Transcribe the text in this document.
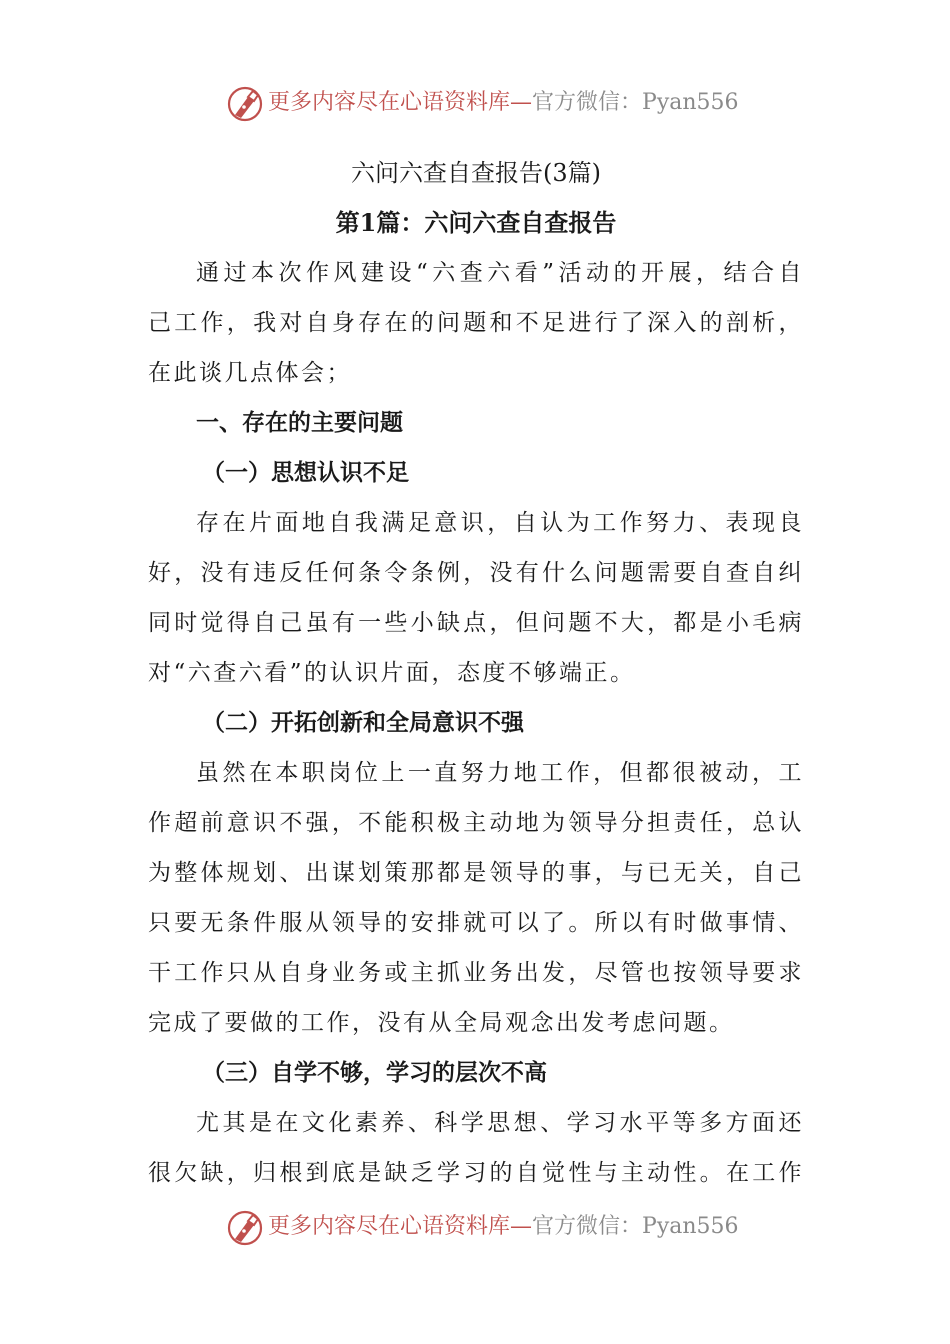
更多内容尽在心语资料库—官方微信：Pyan556
六问六查自查报告(3篇)
第1篇：六问六查自查报告
通过本次作风建设“六查六看”活动的开展，结合自
己工作，我对自身存在的问题和不足进行了深入的剖析，
在此谈几点体会；
一、存在的主要问题
（一）思想认识不足
存在片面地自我满足意识，自认为工作努力、表现良
好，没有违反任何条令条例，没有什么问题需要自查自纠
同时觉得自己虽有一些小缺点，但问题不大，都是小毛病
对“六查六看”的认识片面，态度不够端正。
（二）开拓创新和全局意识不强
虽然在本职岗位上一直努力地工作，但都很被动，工
作超前意识不强，不能积极主动地为领导分担责任，总认
为整体规划、出谋划策那都是领导的事，与已无关，自己
只要无条件服从领导的安排就可以了。所以有时做事情、
干工作只从自身业务或主抓业务出发，尽管也按领导要求
完成了要做的工作，没有从全局观念出发考虑问题。
（三）自学不够，学习的层次不高
尤其是在文化素养、科学思想、学习水平等多方面还
很欠缺，归根到底是缺乏学习的自觉性与主动性。在工作
更多内容尽在心语资料库—官方微信：Pyan556
